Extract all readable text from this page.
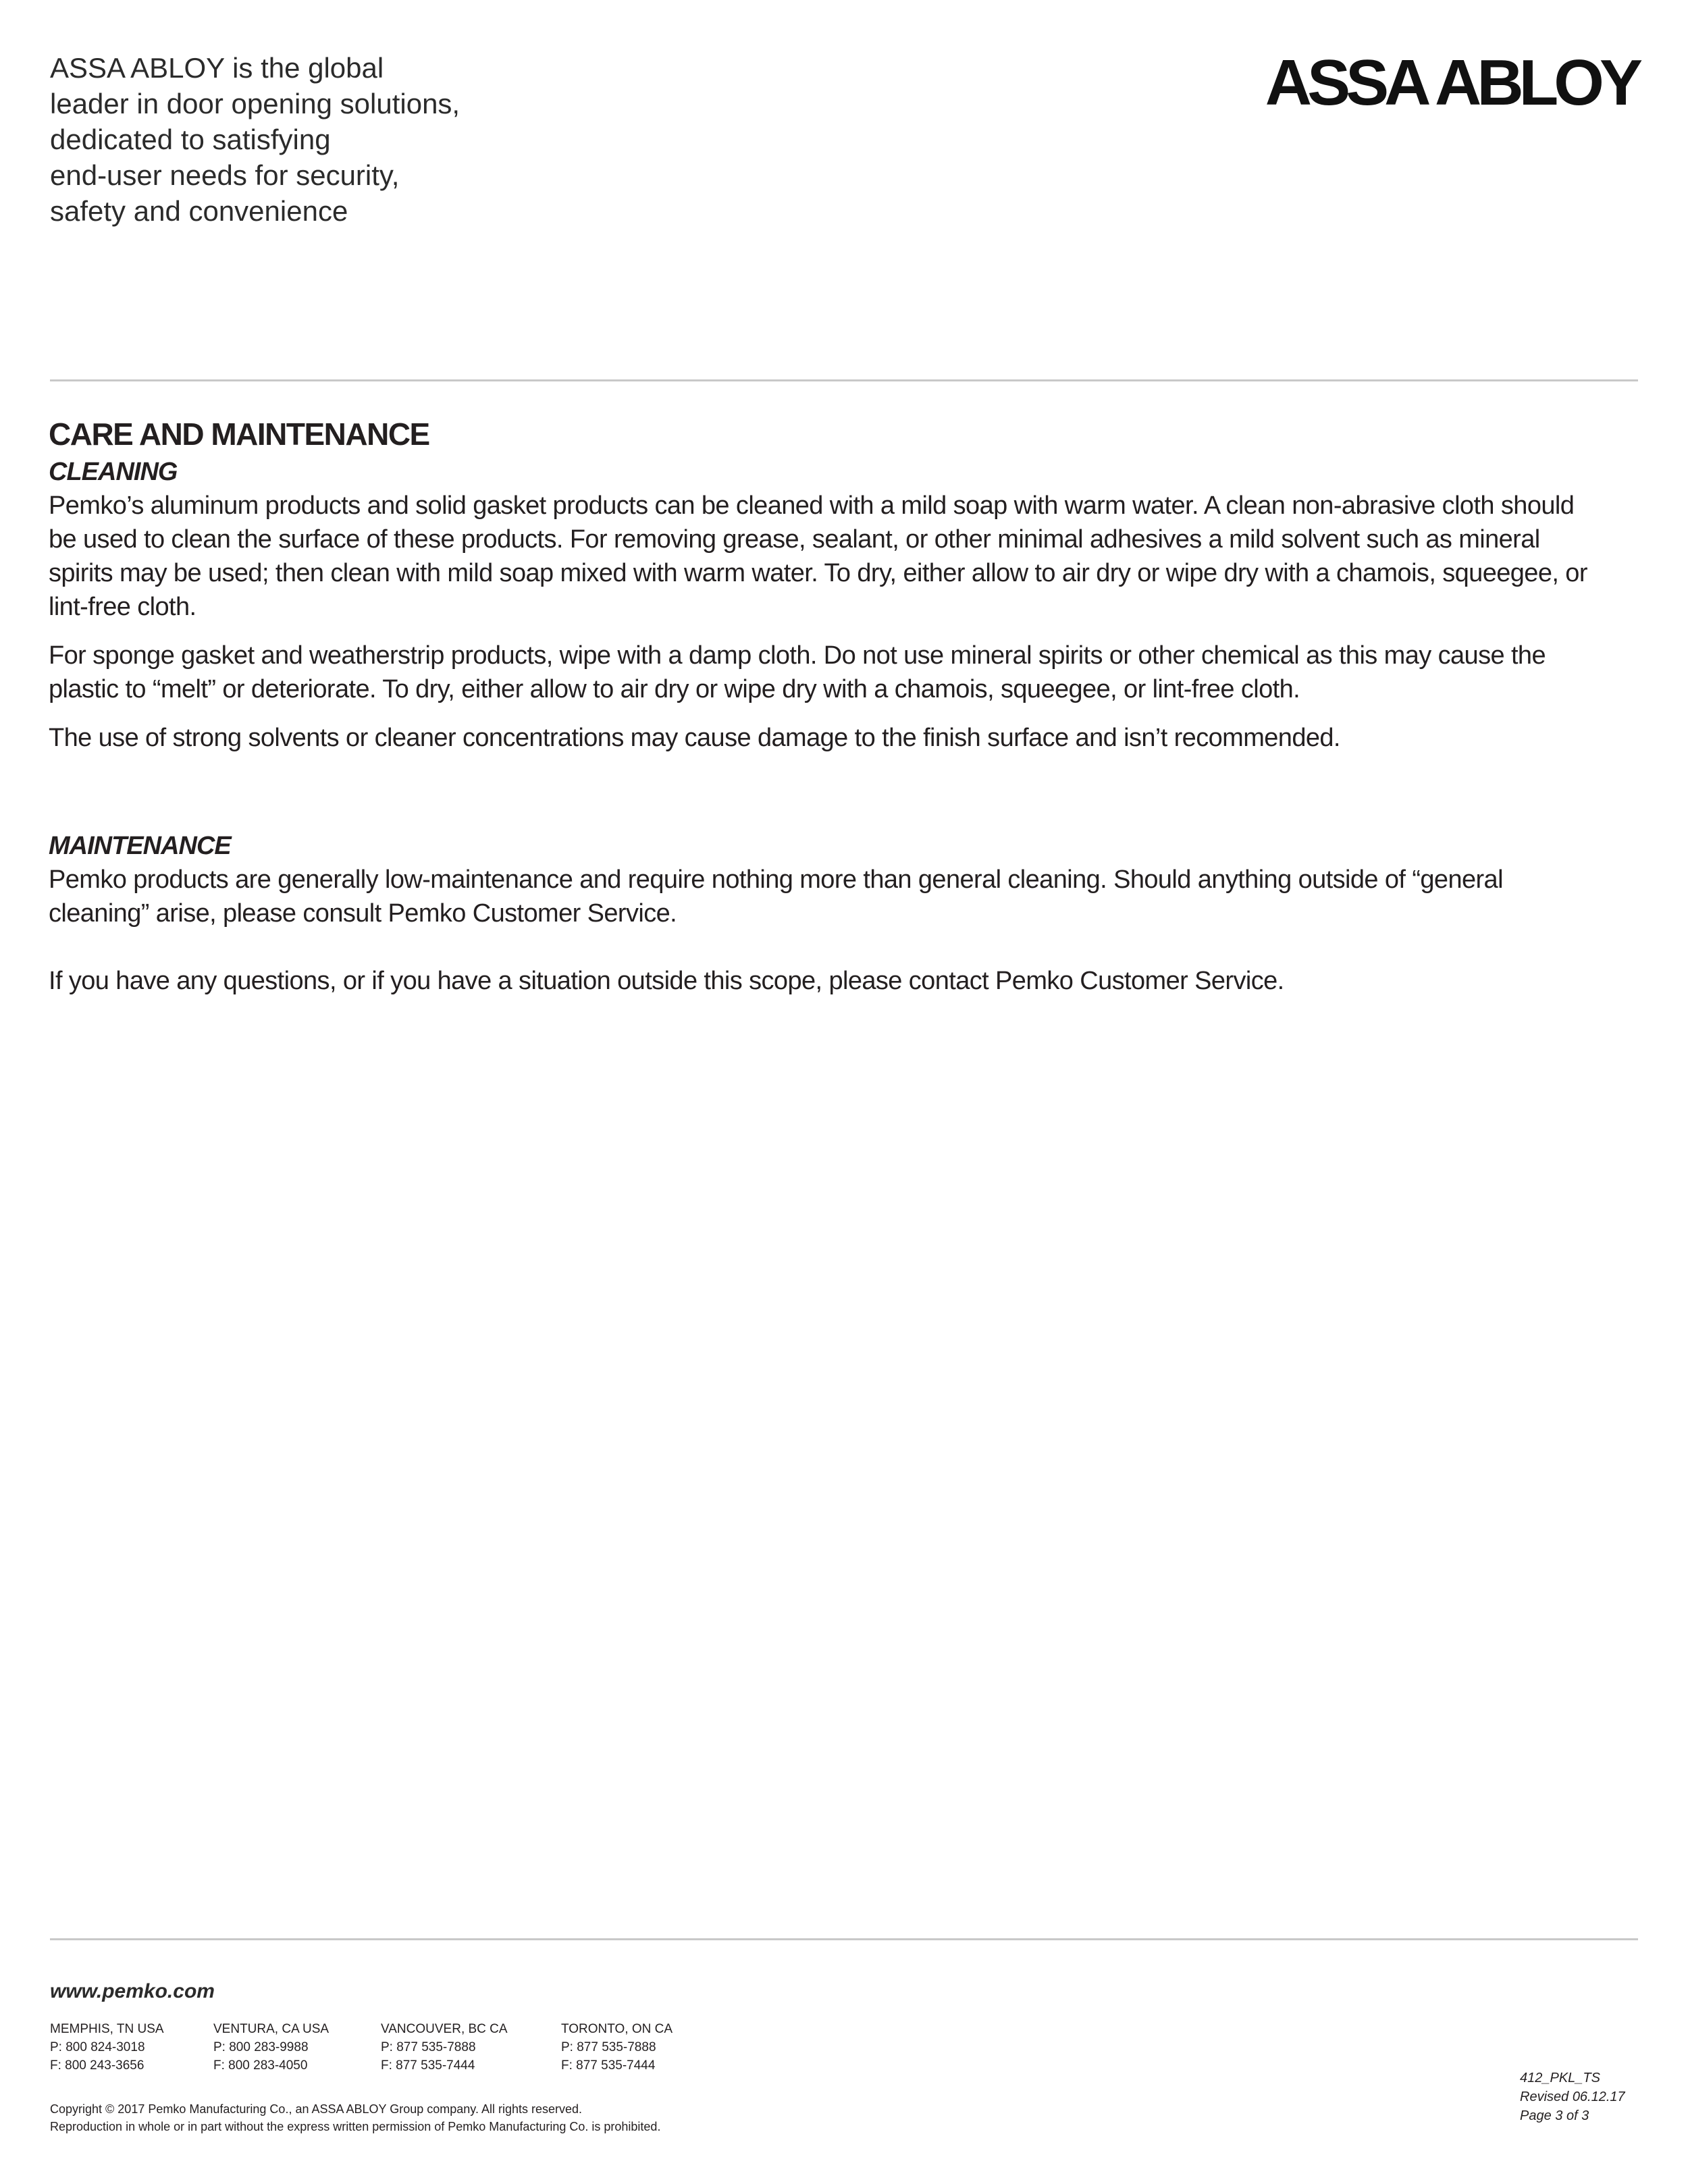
ASSA ABLOY is the global
leader in door opening solutions,
dedicated to satisfying
end-user needs for security,
safety and convenience
ASSA ABLOY
CARE AND MAINTENANCE
CLEANING

Pemko’s aluminum products and solid gasket products can be cleaned with a mild soap with warm water. A clean non-abrasive cloth should be used to clean the surface of these products. For removing grease, sealant, or other minimal adhesives a mild solvent such as mineral spirits may be used; then clean with mild soap mixed with warm water. To dry, either allow to air dry or wipe dry with a chamois, squeegee, or lint-free cloth.

For sponge gasket and weatherstrip products, wipe with a damp cloth. Do not use mineral spirits or other chemical as this may cause the plastic to “melt” or deteriorate. To dry, either allow to air dry or wipe dry with a chamois, squeegee, or lint-free cloth.

The use of strong solvents or cleaner concentrations may cause damage to the finish surface and isn’t recommended.

MAINTENANCE

Pemko products are generally low-maintenance and require nothing more than general cleaning. Should anything outside of “general cleaning” arise, please consult Pemko Customer Service.

If you have any questions, or if you have a situation outside this scope, please contact Pemko Customer Service.

www.pemko.com
MEMPHIS, TN USA
P: 800 824-3018
F: 800 243-3656
VENTURA, CA USA
P: 800 283-9988
F: 800 283-4050
VANCOUVER, BC CA
P: 877 535-7888
F: 877 535-7444
TORONTO, ON CA
P: 877 535-7888
F: 877 535-7444
Copyright © 2017 Pemko Manufacturing Co., an ASSA ABLOY Group company. All rights reserved.
Reproduction in whole or in part without the express written permission of Pemko Manufacturing Co. is prohibited.
412_PKL_TS
Revised 06.12.17
Page 3 of 3
